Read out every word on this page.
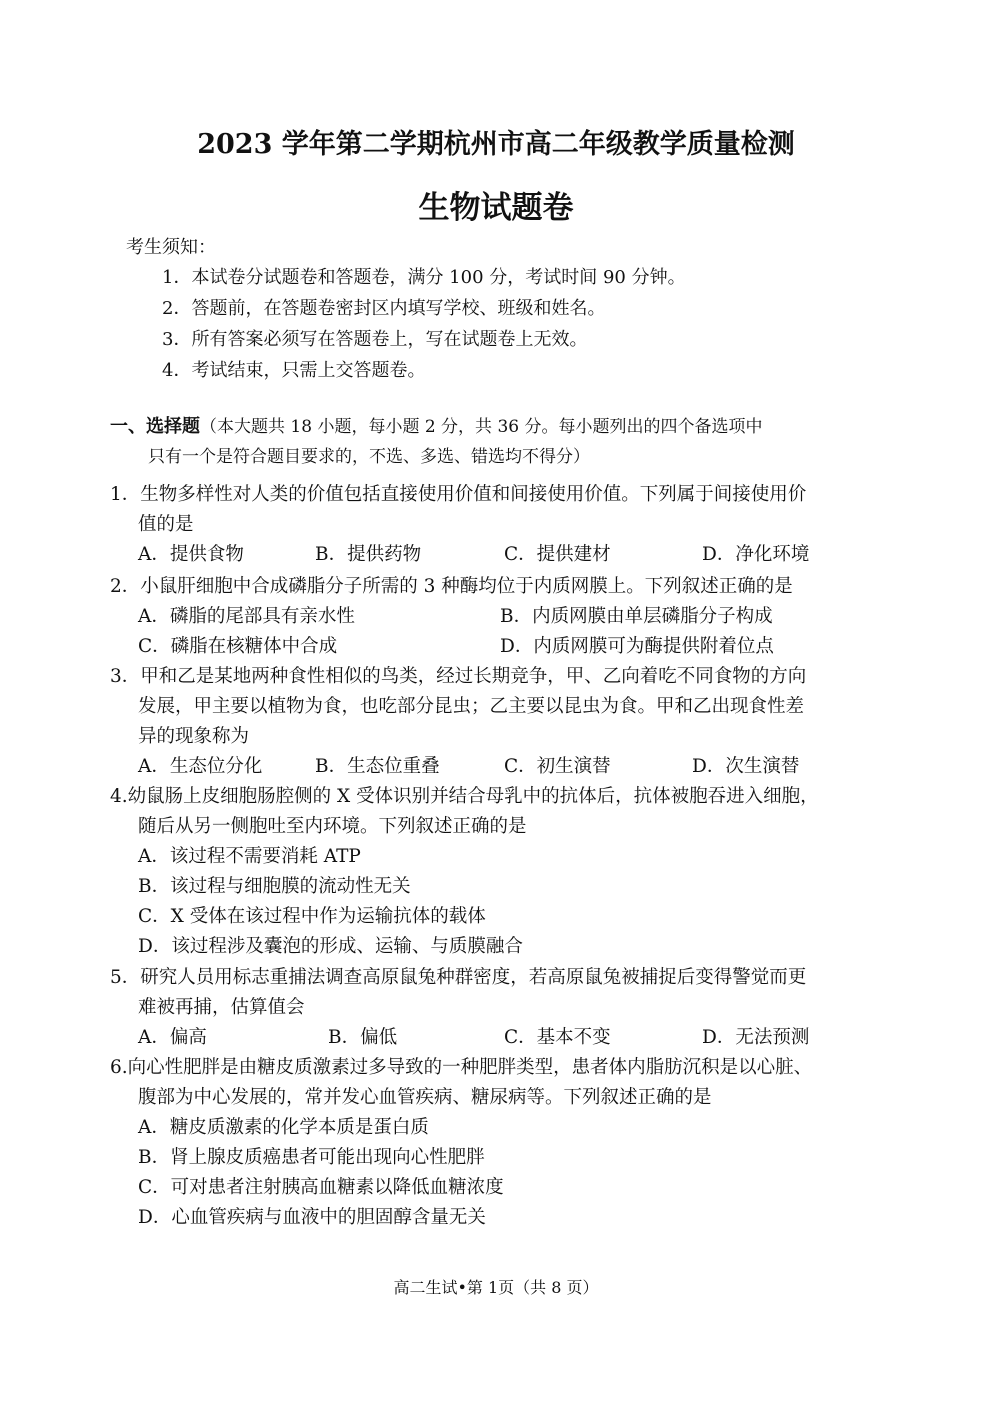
2023 学年第二学期杭州市高二年级教学质量检测
生物试题卷
考生须知：
1．本试卷分试题卷和答题卷，满分 100 分，考试时间 90 分钟。
2．答题前，在答题卷密封区内填写学校、班级和姓名。
3．所有答案必须写在答题卷上，写在试题卷上无效。
4．考试结束，只需上交答题卷。
一、选择题（本大题共 18 小题，每小题 2 分，共 36 分。每小题列出的四个备选项中
只有一个是符合题目要求的，不选、多选、错选均不得分）
1．生物多样性对人类的价值包括直接使用价值和间接使用价值。下列属于间接使用价
值的是
A．提供食物	B．提供药物	C．提供建材	D．净化环境
2．小鼠肝细胞中合成磷脂分子所需的 3 种酶均位于内质网膜上。下列叙述正确的是
A．磷脂的尾部具有亲水性	B．内质网膜由单层磷脂分子构成
C．磷脂在核糖体中合成	D．内质网膜可为酶提供附着位点
3．甲和乙是某地两种食性相似的鸟类，经过长期竞争，甲、乙向着吃不同食物的方向
发展，甲主要以植物为食，也吃部分昆虫；乙主要以昆虫为食。甲和乙出现食性差
异的现象称为
A．生态位分化	B．生态位重叠	C．初生演替	D．次生演替
4.幼鼠肠上皮细胞肠腔侧的 X 受体识别并结合母乳中的抗体后，抗体被胞吞进入细胞，
随后从另一侧胞吐至内环境。下列叙述正确的是
A．该过程不需要消耗 ATP
B．该过程与细胞膜的流动性无关
C．X 受体在该过程中作为运输抗体的载体
D．该过程涉及囊泡的形成、运输、与质膜融合
5．研究人员用标志重捕法调查高原鼠兔种群密度，若高原鼠兔被捕捉后变得警觉而更
难被再捕，估算值会
A．偏高	B．偏低	C．基本不变	D．无法预测
6.向心性肥胖是由糖皮质激素过多导致的一种肥胖类型，患者体内脂肪沉积是以心脏、
腹部为中心发展的，常并发心血管疾病、糖尿病等。下列叙述正确的是
A．糖皮质激素的化学本质是蛋白质
B．肾上腺皮质癌患者可能出现向心性肥胖
C．可对患者注射胰高血糖素以降低血糖浓度
D．心血管疾病与血液中的胆固醇含量无关
高二生试•第 1页（共 8 页）
